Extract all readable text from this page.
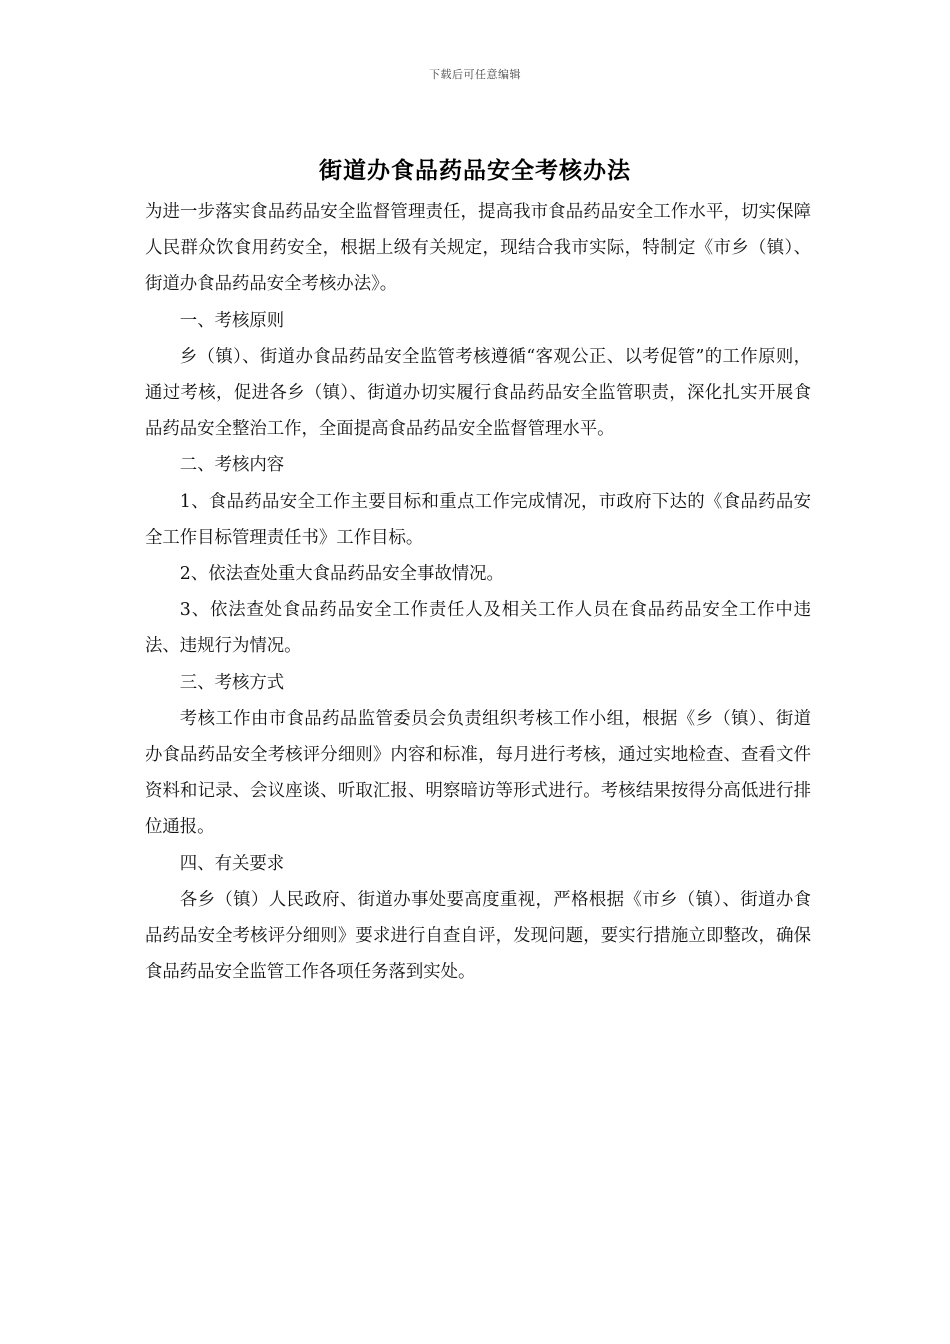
下载后可任意编辑
街道办食品药品安全考核办法

为进一步落实食品药品安全监督管理责任，提高我市食品药品安全工作水平，切实保障人民群众饮食用药安全，根据上级有关规定，现结合我市实际，特制定《市乡（镇）、街道办食品药品安全考核办法》。

一、考核原则

乡（镇）、街道办食品药品安全监管考核遵循“客观公正、以考促管”的工作原则，通过考核，促进各乡（镇）、街道办切实履行食品药品安全监管职责，深化扎实开展食品药品安全整治工作，全面提高食品药品安全监督管理水平。

二、考核内容

1、食品药品安全工作主要目标和重点工作完成情况，市政府下达的《食品药品安全工作目标管理责任书》工作目标。

2、依法查处重大食品药品安全事故情况。

3、依法查处食品药品安全工作责任人及相关工作人员在食品药品安全工作中违法、违规行为情况。

三、考核方式

考核工作由市食品药品监管委员会负责组织考核工作小组，根据《乡（镇）、街道办食品药品安全考核评分细则》内容和标准，每月进行考核，通过实地检查、查看文件资料和记录、会议座谈、听取汇报、明察暗访等形式进行。考核结果按得分高低进行排位通报。

四、有关要求

各乡（镇）人民政府、街道办事处要高度重视，严格根据《市乡（镇）、街道办食品药品安全考核评分细则》要求进行自查自评，发现问题，要实行措施立即整改，确保食品药品安全监管工作各项任务落到实处。
